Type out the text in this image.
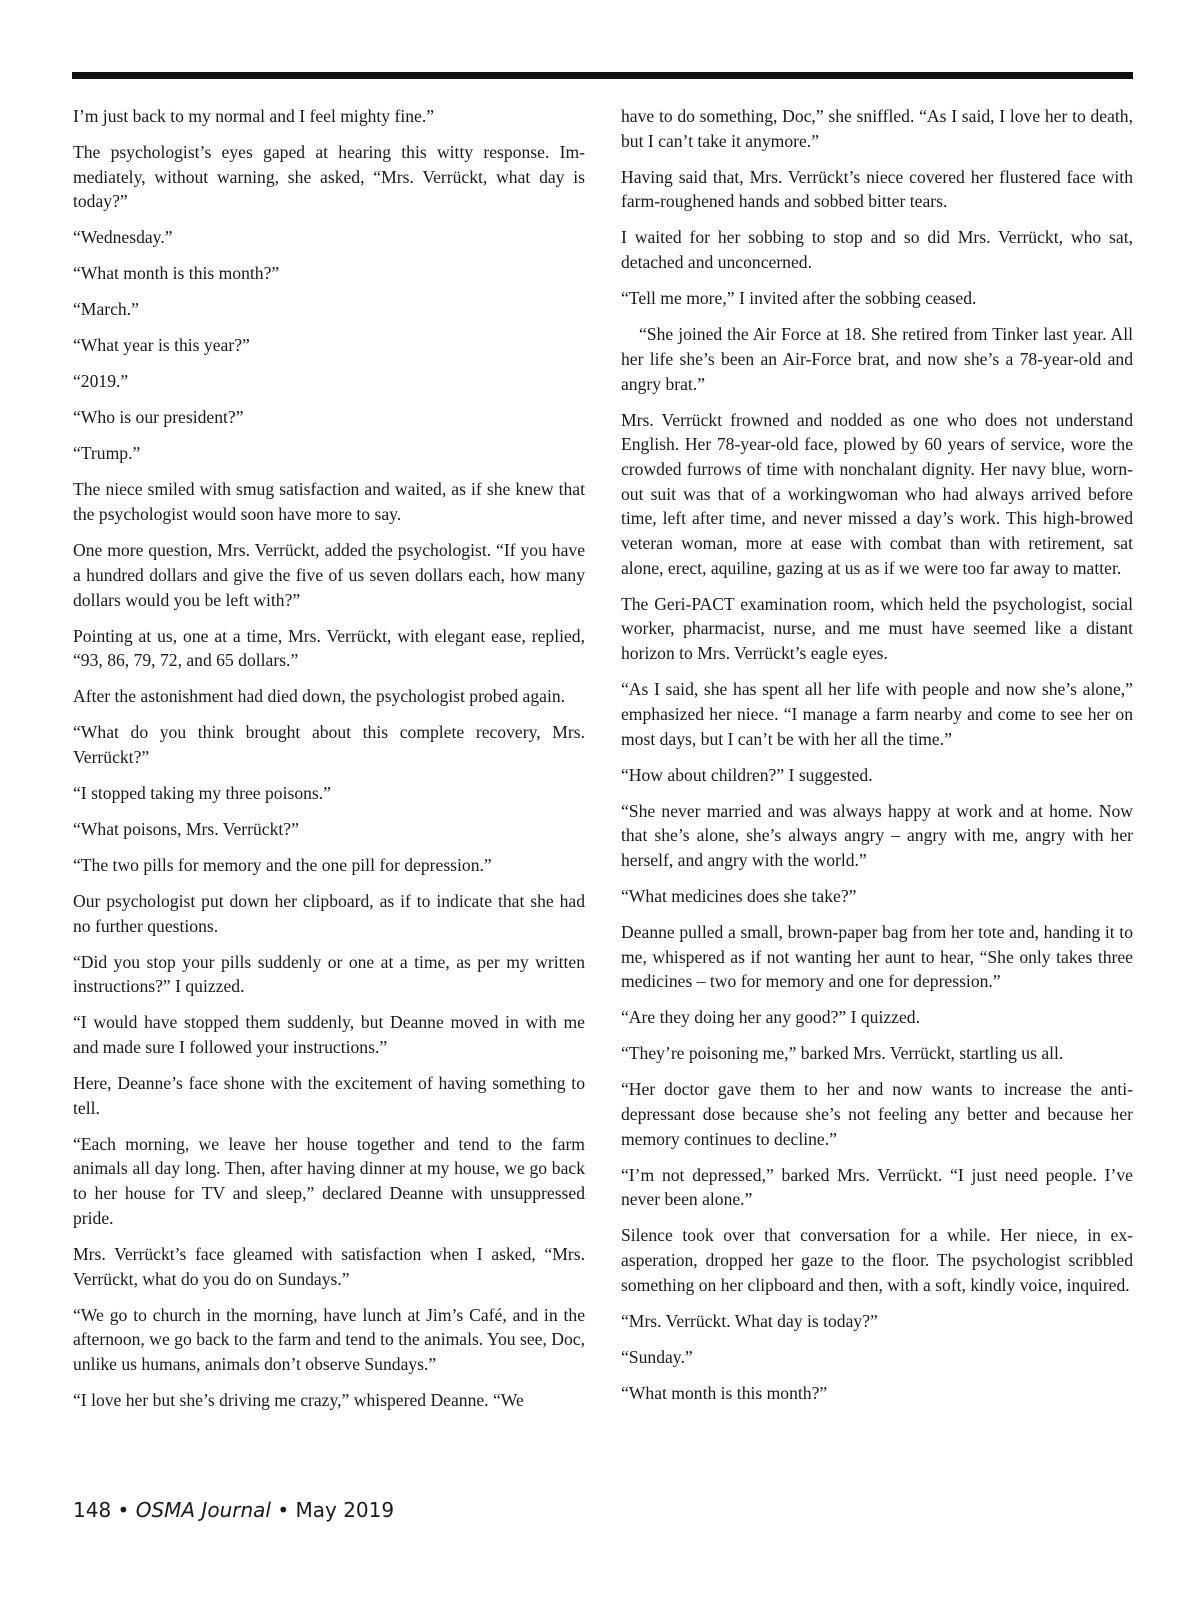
I’m just back to my normal and I feel mighty fine.”

The psychologist’s eyes gaped at hearing this witty response. Immediately, without warning, she asked, “Mrs. Verrückt, what day is today?”

“Wednesday.”

“What month is this month?”

“March.”

“What year is this year?”

“2019.”

“Who is our president?”

“Trump.”

The niece smiled with smug satisfaction and waited, as if she knew that the psychologist would soon have more to say.

One more question, Mrs. Verrückt, added the psychologist. “If you have a hundred dollars and give the five of us seven dollars each, how many dollars would you be left with?”

Pointing at us, one at a time, Mrs. Verrückt, with elegant ease, replied, “93, 86, 79, 72, and 65 dollars.”

After the astonishment had died down, the psychologist probed again.

“What do you think brought about this complete recovery, Mrs. Verrückt?”

“I stopped taking my three poisons.”

“What poisons, Mrs. Verrückt?”

“The two pills for memory and the one pill for depression.”

Our psychologist put down her clipboard, as if to indicate that she had no further questions.

“Did you stop your pills suddenly or one at a time, as per my written instructions?” I quizzed.

“I would have stopped them suddenly, but Deanne moved in with me and made sure I followed your instructions.”

Here, Deanne’s face shone with the excitement of having something to tell.

“Each morning, we leave her house together and tend to the farm animals all day long. Then, after having dinner at my house, we go back to her house for TV and sleep,” declared Deanne with unsuppressed pride.

Mrs. Verrückt’s face gleamed with satisfaction when I asked, “Mrs. Verrückt, what do you do on Sundays.”

“We go to church in the morning, have lunch at Jim’s Café, and in the afternoon, we go back to the farm and tend to the animals. You see, Doc, unlike us humans, animals don’t observe Sundays.”

“I love her but she’s driving me crazy,” whispered Deanne. “We

have to do something, Doc,” she sniffled. “As I said, I love her to death, but I can’t take it anymore.”

Having said that, Mrs. Verrückt’s niece covered her flustered face with farm-roughened hands and sobbed bitter tears.

I waited for her sobbing to stop and so did Mrs. Verrückt, who sat, detached and unconcerned.

“Tell me more,” I invited after the sobbing ceased.

“She joined the Air Force at 18. She retired from Tinker last year. All her life she’s been an Air-Force brat, and now she’s a 78-year-old and angry brat.”

Mrs. Verrückt frowned and nodded as one who does not understand English. Her 78-year-old face, plowed by 60 years of service, wore the crowded furrows of time with nonchalant dignity. Her navy blue, worn-out suit was that of a workingwoman who had always arrived before time, left after time, and never missed a day’s work. This high-browed veteran woman, more at ease with combat than with retirement, sat alone, erect, aquiline, gazing at us as if we were too far away to matter.

The Geri-PACT examination room, which held the psychologist, social worker, pharmacist, nurse, and me must have seemed like a distant horizon to Mrs. Verrückt’s eagle eyes.

“As I said, she has spent all her life with people and now she’s alone,” emphasized her niece. “I manage a farm nearby and come to see her on most days, but I can’t be with her all the time.”

“How about children?” I suggested.

“She never married and was always happy at work and at home. Now that she’s alone, she’s always angry – angry with me, angry with her herself, and angry with the world.”

“What medicines does she take?”

Deanne pulled a small, brown-paper bag from her tote and, handing it to me, whispered as if not wanting her aunt to hear, “She only takes three medicines – two for memory and one for depression.”

“Are they doing her any good?” I quizzed.

“They’re poisoning me,” barked Mrs. Verrückt, startling us all.

“Her doctor gave them to her and now wants to increase the antidepressant dose because she’s not feeling any better and because her memory continues to decline.”

“I’m not depressed,” barked Mrs. Verrückt. “I just need people. I’ve never been alone.”

Silence took over that conversation for a while. Her niece, in exasperation, dropped her gaze to the floor. The psychologist scribbled something on her clipboard and then, with a soft, kindly voice, inquired.

“Mrs. Verrückt. What day is today?”

“Sunday.”

“What month is this month?”

148 • OSMA Journal • May 2019
